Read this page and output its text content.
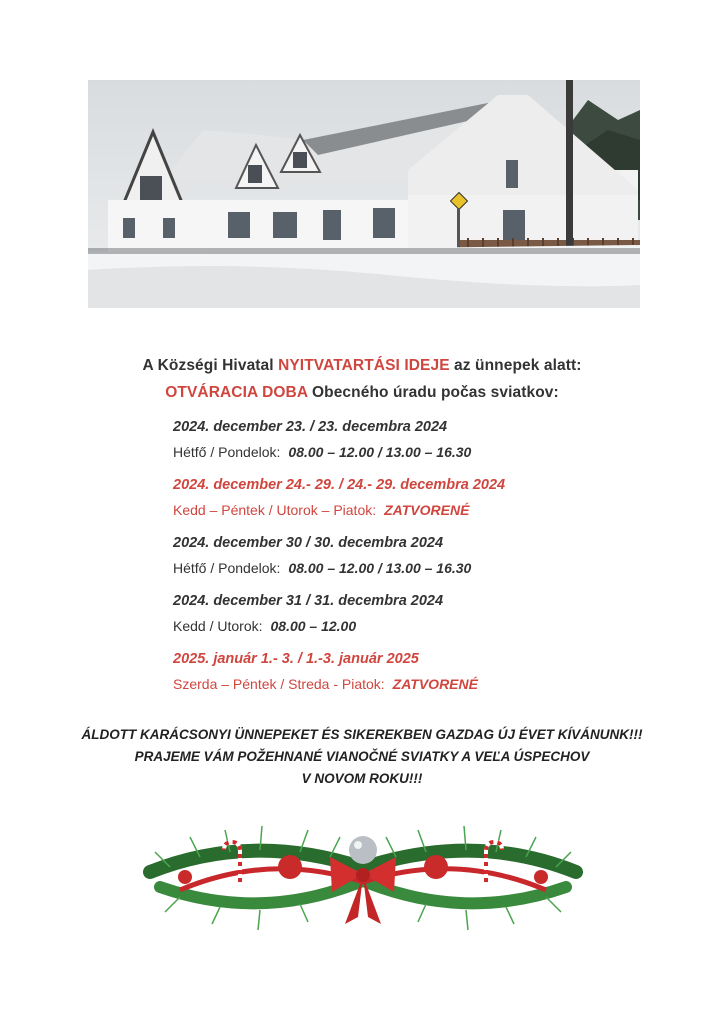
A Községi Hivatal NYITVATARTÁSI IDEJE az ünnepek alatt:
OTVÁRACIA DOBA Obecného úradu počas sviatkov:
2024. december 23. / 23. decembra 2024
Hétfő / Pondelok: 08.00 – 12.00 / 13.00 – 16.30
2024. december 24.- 29. / 24.- 29. decembra 2024
Kedd – Péntek / Utorok – Piatok: ZATVORENÉ
2024. december 30 / 30. decembra 2024
Hétfő / Pondelok: 08.00 – 12.00 / 13.00 – 16.30
2024. december 31 / 31. decembra 2024
Kedd / Utorok: 08.00 – 12.00
2025. január 1.- 3. / 1.-3. január 2025
Szerda – Péntek / Streda - Piatok: ZATVORENÉ
ÁLDOTT KARÁCSONYI ÜNNEPEKET ÉS SIKEREKBEN GAZDAG ÚJ ÉVET KÍVÁNUNK!!!
PRAJEME VÁM POŽEHNANÉ VIANOČNÉ SVIATKY A VEĽA ÚSPECHOV
V NOVOM ROKU!!!
